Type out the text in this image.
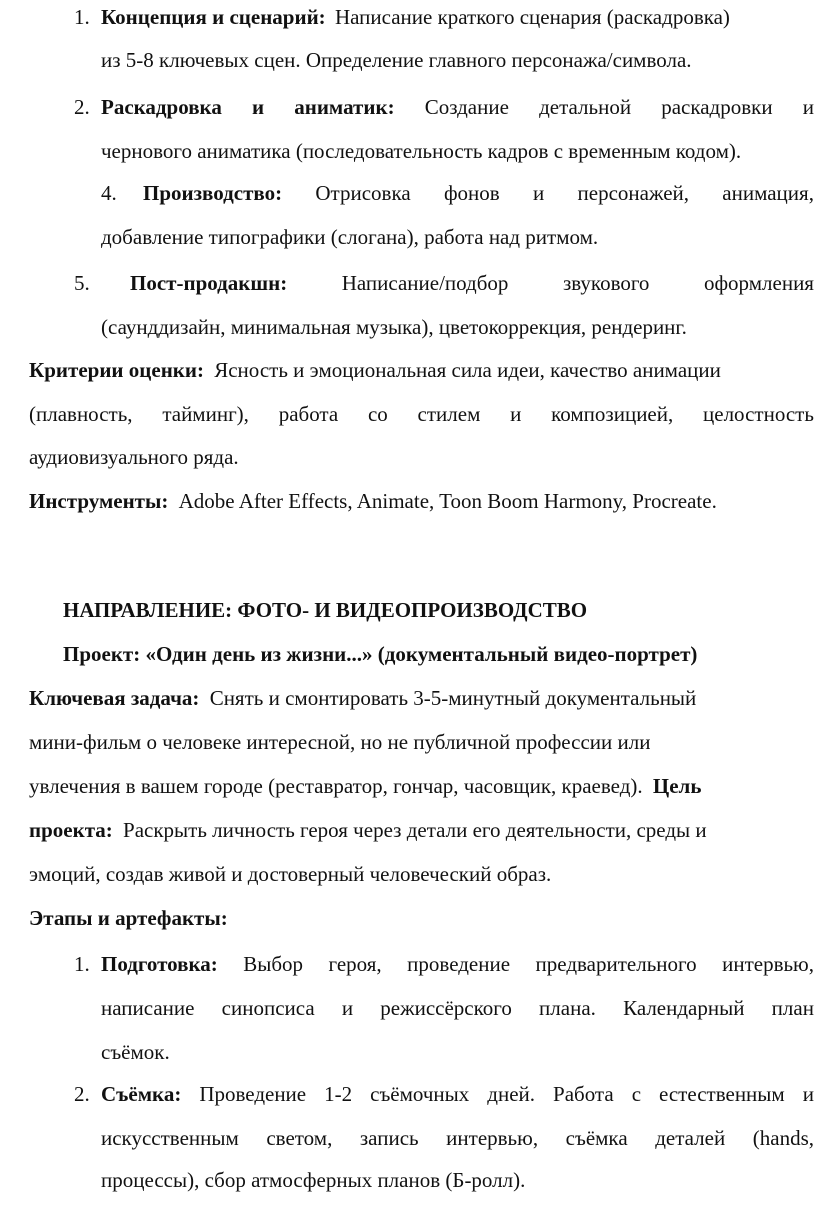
1. Концепция и сценарий: Написание краткого сценария (раскадровка)
из 5-8 ключевых сцен. Определение главного персонажа/символа.
2. Раскадровка и аниматик: Создание детальной раскадровки и
чернового аниматика (последовательность кадров с временным кодом).
4. Производство: Отрисовка фонов и персонажей, анимация,
добавление типографики (слогана), работа над ритмом.
5. Пост-продакшн:	Написание/подбор	звукового	оформления
(саунддизайн, минимальная музыка), цветокоррекция, рендеринг.
Критерии оценки: Ясность и эмоциональная сила идеи, качество анимации
(плавность, тайминг), работа со стилем и композицией, целостность
аудиовизуального ряда.
Инструменты: Adobe After Effects, Animate, Toon Boom Harmony, Procreate.
НАПРАВЛЕНИЕ: ФОТО- И ВИДЕОПРОИЗВОДСТВО
Проект: «Один день из жизни...» (документальный видео-портрет)
Ключевая задача: Снять и смонтировать 3-5-минутный документальный
мини-фильм о человеке интересной, но не публичной профессии или
увлечения в вашем городе (реставратор, гончар, часовщик, краевед). Цель
проекта: Раскрыть личность героя через детали его деятельности, среды и
эмоций, создав живой и достоверный человеческий образ.
Этапы и артефакты:
1. Подготовка: Выбор героя, проведение предварительного интервью,
написание синопсиса и режиссёрского плана. Календарный план
съёмок.
2. Съёмка: Проведение 1-2 съёмочных дней. Работа с естественным и
искусственным светом, запись интервью, съёмка деталей (hands,
процессы), сбор атмосферных планов (Б-ролл).
